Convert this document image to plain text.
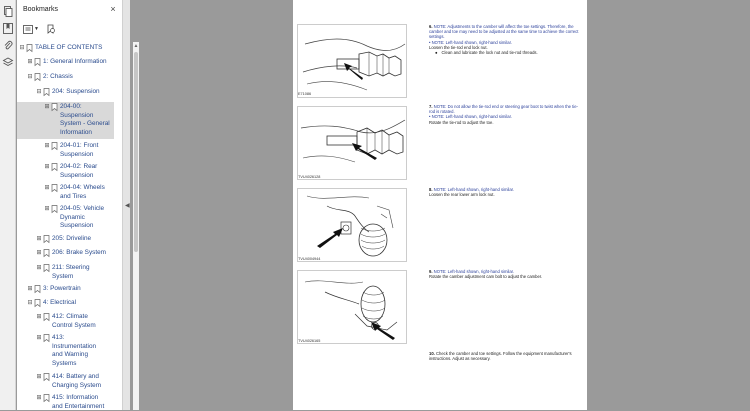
Bookmarks	×
▼
⊟ TABLE OF CONTENTS
⊞ 1: General Information
⊟ 2: Chassis
⊟ 204: Suspension
⊞ 204-00:
Suspension
System - General
Information
⊞ 204-01: Front
Suspension
⊞ 204-02: Rear
Suspension
⊞ 204-04: Wheels
and Tires
⊞ 204-05: Vehicle
Dynamic
Suspension
⊞ 205: Driveline
⊞ 206: Brake System
⊞ 211: Steering
System
⊞ 3: Powertrain
⊟ 4: Electrical
⊞ 412: Climate
Control System
⊞ 413:
Instrumentation
and Warning
Systems
⊞ 414: Battery and
Charging System
⊞ 415: Information
and Entertainment
▲
◀
E71086
TVU4026128
TVU4004944
TVU4026165
6. NOTE: Adjustments to the camber will affect the toe settings. Therefore, the camber and toe may need to be adjusted at the same time to achieve the correct settings.
• NOTE: Left-hand shown, right-hand similar.
Loosen the tie-rod end lock nut.
● Clean and lubricate the lock nut and tie-rod threads.
7. NOTE: Do not allow the tie-rod end or steering gear boot to twist when the tie-rod is rotated.
• NOTE: Left-hand shown, right-hand similar.
Rotate the tie-rod to adjust the toe.
8. NOTE: Left-hand shown, right-hand similar.
Loosen the rear lower arm lock nut.
9. NOTE: Left-hand shown, right-hand similar.
Rotate the camber adjustment cam bolt to adjust the camber.
10. Check the camber and toe settings. Follow the equipment manufacturer's instructions. Adjust as necessary.
